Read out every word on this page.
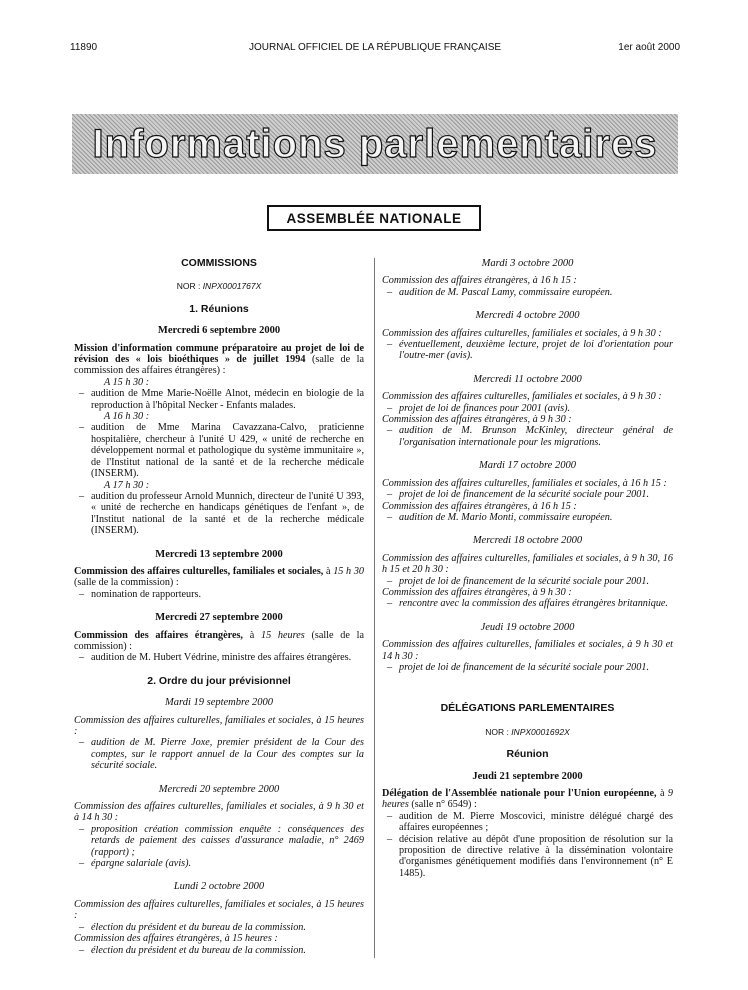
11890	JOURNAL OFFICIEL DE LA RÉPUBLIQUE FRANÇAISE	1er août 2000
Informations parlementaires
ASSEMBLÉE NATIONALE

COMMISSIONS

NOR : INPX0001767X

1. Réunions

Mercredi 6 septembre 2000

Mission d'information commune préparatoire au projet de loi de révision des « lois bioéthiques » de juillet 1994 (salle de la commission des affaires étrangères) :

A 15 h 30 :

– audition de Mme Marie-Noëlle Alnot, médecin en biologie de la reproduction à l'hôpital Necker - Enfants malades.

A 16 h 30 :

– audition de Mme Marina Cavazzana-Calvo, praticienne hospitalière, chercheur à l'unité U 429, « unité de recherche en développement normal et pathologique du système immunitaire », de l'Institut national de la santé et de la recherche médicale (INSERM).

A 17 h 30 :

– audition du professeur Arnold Munnich, directeur de l'unité U 393, « unité de recherche en handicaps génétiques de l'enfant », de l'Institut national de la santé et de la recherche médicale (INSERM).

Mercredi 13 septembre 2000

Commission des affaires culturelles, familiales et sociales, à 15 h 30 (salle de la commission) :

– nomination de rapporteurs.

Mercredi 27 septembre 2000

Commission des affaires étrangères, à 15 heures (salle de la commission) :

– audition de M. Hubert Védrine, ministre des affaires étrangères.

2. Ordre du jour prévisionnel

Mardi 19 septembre 2000

Commission des affaires culturelles, familiales et sociales, à 15 heures :

– audition de M. Pierre Joxe, premier président de la Cour des comptes, sur le rapport annuel de la Cour des comptes sur la sécurité sociale.

Mercredi 20 septembre 2000

Commission des affaires culturelles, familiales et sociales, à 9 h 30 et à 14 h 30 :

– proposition création commission enquête : conséquences des retards de paiement des caisses d'assurance maladie, n° 2469 (rapport) ;

– épargne salariale (avis).

Lundi 2 octobre 2000

Commission des affaires culturelles, familiales et sociales, à 15 heures :

– élection du président et du bureau de la commission.

Commission des affaires étrangères, à 15 heures :

– élection du président et du bureau de la commission.

Mardi 3 octobre 2000

Commission des affaires étrangères, à 16 h 15 :

– audition de M. Pascal Lamy, commissaire européen.

Mercredi 4 octobre 2000

Commission des affaires culturelles, familiales et sociales, à 9 h 30 :

– éventuellement, deuxième lecture, projet de loi d'orientation pour l'outre-mer (avis).

Mercredi 11 octobre 2000

Commission des affaires culturelles, familiales et sociales, à 9 h 30 :

– projet de loi de finances pour 2001 (avis).

Commission des affaires étrangères, à 9 h 30 :

– audition de M. Brunson McKinley, directeur général de l'organisation internationale pour les migrations.

Mardi 17 octobre 2000

Commission des affaires culturelles, familiales et sociales, à 16 h 15 :

– projet de loi de financement de la sécurité sociale pour 2001.

Commission des affaires étrangères, à 16 h 15 :

– audition de M. Mario Monti, commissaire européen.

Mercredi 18 octobre 2000

Commission des affaires culturelles, familiales et sociales, à 9 h 30, 16 h 15 et 20 h 30 :

– projet de loi de financement de la sécurité sociale pour 2001.

Commission des affaires étrangères, à 9 h 30 :

– rencontre avec la commission des affaires étrangères britannique.

Jeudi 19 octobre 2000

Commission des affaires culturelles, familiales et sociales, à 9 h 30 et 14 h 30 :

– projet de loi de financement de la sécurité sociale pour 2001.

DÉLÉGATIONS PARLEMENTAIRES

NOR : INPX0001692X

Réunion

Jeudi 21 septembre 2000

Délégation de l'Assemblée nationale pour l'Union européenne, à 9 heures (salle n° 6549) :

– audition de M. Pierre Moscovici, ministre délégué chargé des affaires européennes ;

– décision relative au dépôt d'une proposition de résolution sur la proposition de directive relative à la dissémination volontaire d'organismes génétiquement modifiés dans l'environnement (n° E 1485).
